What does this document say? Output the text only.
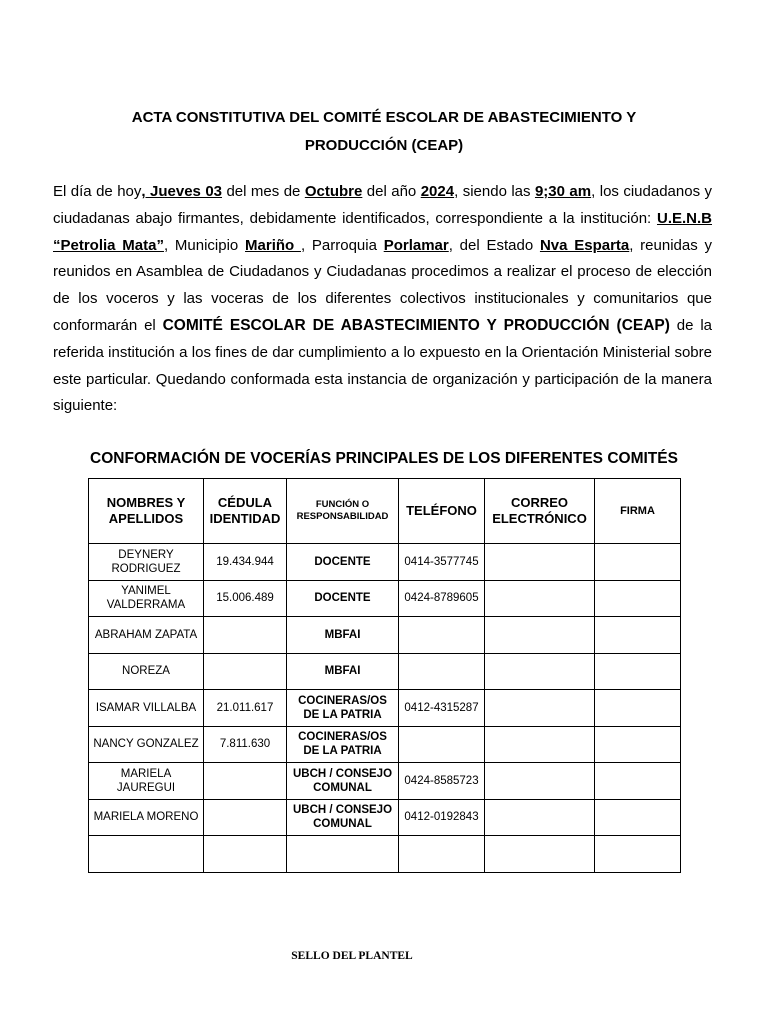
ACTA CONSTITUTIVA DEL COMITÉ ESCOLAR DE ABASTECIMIENTO Y
PRODUCCIÓN (CEAP)
El día de hoy, Jueves 03 del mes de Octubre del año 2024, siendo las 9;30 am, los ciudadanos y ciudadanas abajo firmantes, debidamente identificados, correspondiente a la institución: U.E.N.B “Petrolia Mata”, Municipio Mariño , Parroquia Porlamar, del Estado Nva Esparta, reunidas y reunidos en Asamblea de Ciudadanos y Ciudadanas procedimos a realizar el proceso de elección de los voceros y las voceras de los diferentes colectivos institucionales y comunitarios que conformarán el COMITÉ ESCOLAR DE ABASTECIMIENTO Y PRODUCCIÓN (CEAP) de la referida institución a los fines de dar cumplimiento a lo expuesto en la Orientación Ministerial sobre este particular. Quedando conformada esta instancia de organización y participación de la manera siguiente:
CONFORMACIÓN DE VOCERÍAS PRINCIPALES DE LOS DIFERENTES COMITÉS
NOMBRES Y APELLIDOS	CÉDULA IDENTIDAD	FUNCIÓN O RESPONSABILIDAD	TELÉFONO	CORREO ELECTRÓNICO	FIRMA
DEYNERY RODRIGUEZ	19.434.944	DOCENTE	0414-3577745		
YANIMEL VALDERRAMA	15.006.489	DOCENTE	0424-8789605		
ABRAHAM ZAPATA		MBFAI			
NOREZA		MBFAI			
ISAMAR VILLALBA	21.011.617	COCINERAS/OS DE LA PATRIA	0412-4315287		
NANCY GONZALEZ	7.811.630	COCINERAS/OS DE LA PATRIA			
MARIELA JAUREGUI		UBCH / CONSEJO COMUNAL	0424-8585723		
MARIELA MORENO		UBCH / CONSEJO COMUNAL	0412-0192843		

SELLO DEL PLANTEL
